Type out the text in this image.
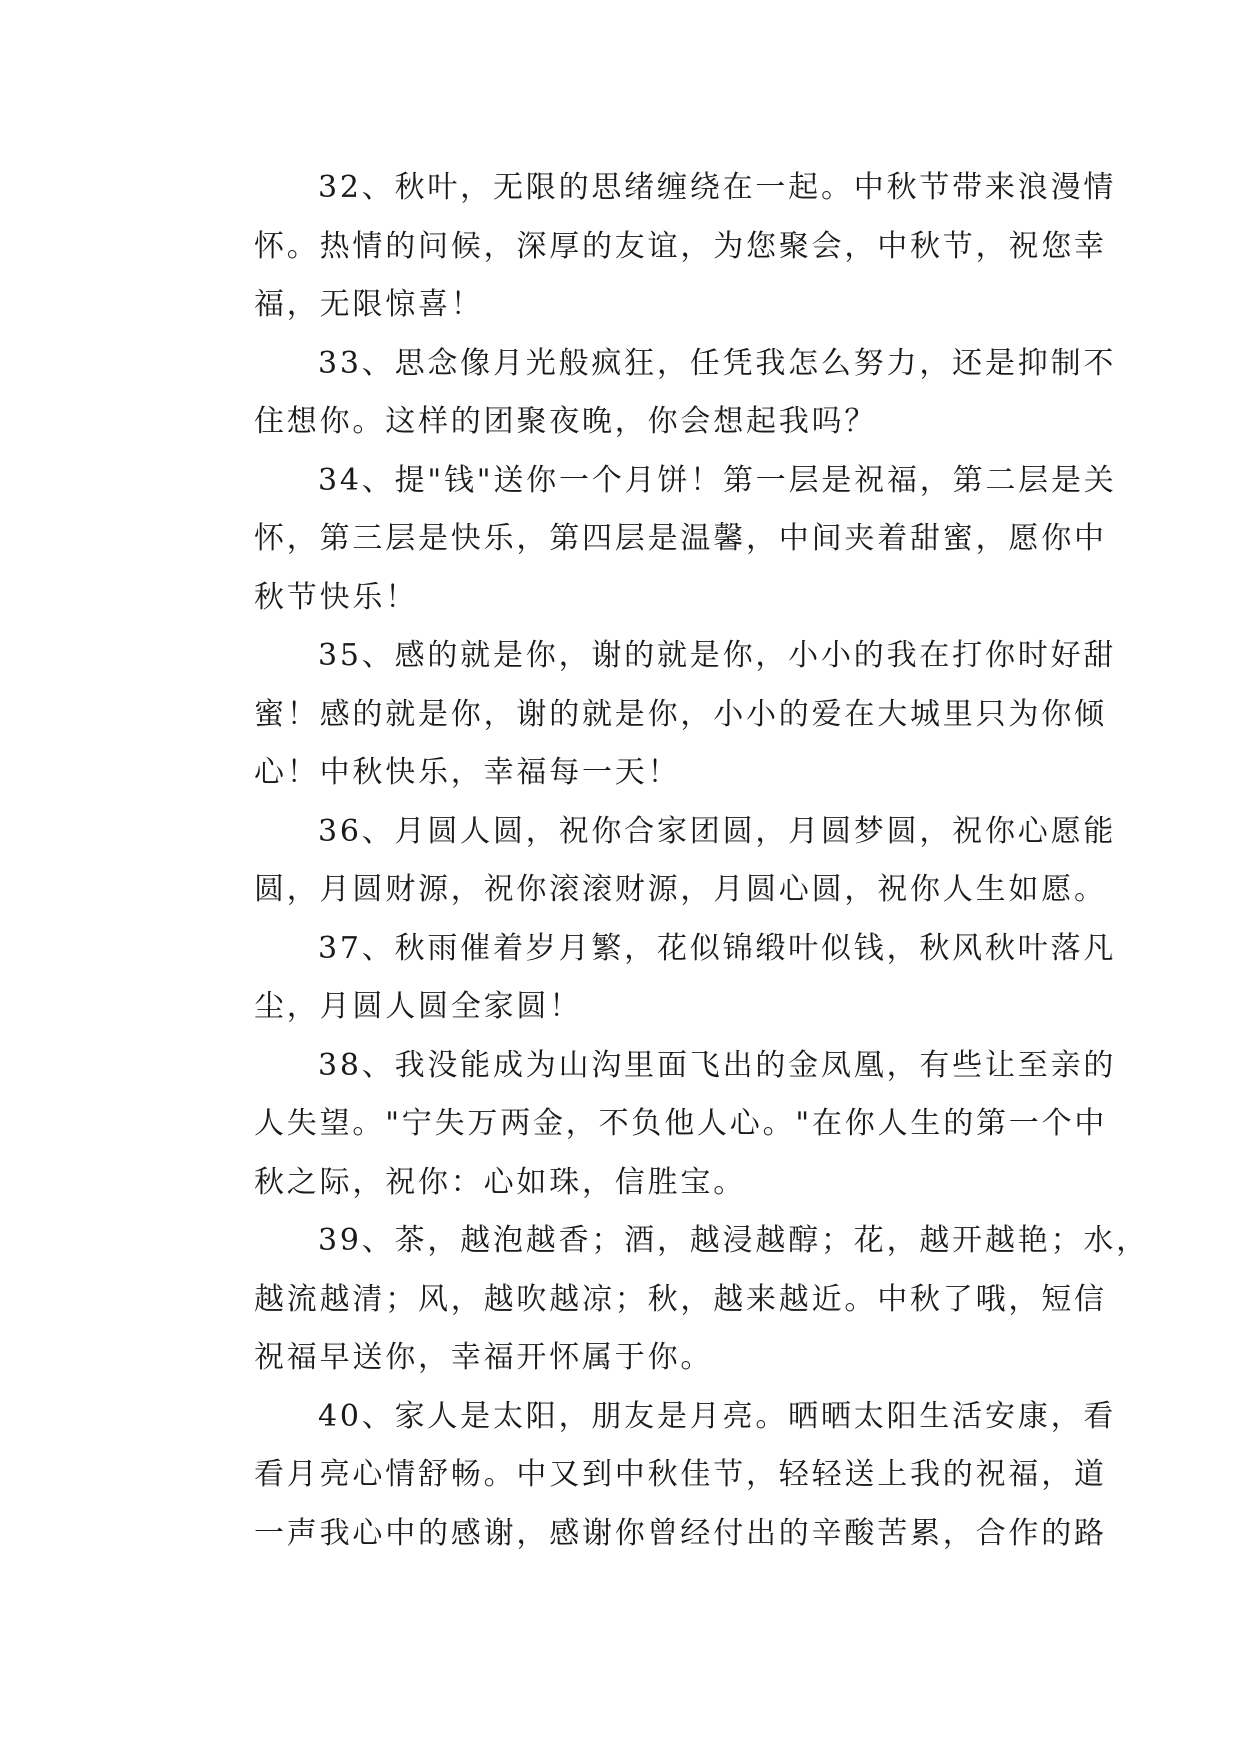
32、秋叶，无限的思绪缠绕在一起。中秋节带来浪漫情
怀。热情的问候，深厚的友谊，为您聚会，中秋节，祝您幸
福，无限惊喜！
33、思念像月光般疯狂，任凭我怎么努力，还是抑制不
住想你。这样的团聚夜晚，你会想起我吗？
34、提"钱"送你一个月饼！第一层是祝福，第二层是关
怀，第三层是快乐，第四层是温馨，中间夹着甜蜜，愿你中
秋节快乐！
35、感的就是你，谢的就是你，小小的我在打你时好甜
蜜！感的就是你，谢的就是你，小小的爱在大城里只为你倾
心！中秋快乐，幸福每一天！
36、月圆人圆，祝你合家团圆，月圆梦圆，祝你心愿能
圆，月圆财源，祝你滚滚财源，月圆心圆，祝你人生如愿。
37、秋雨催着岁月繁，花似锦缎叶似钱，秋风秋叶落凡
尘，月圆人圆全家圆！
38、我没能成为山沟里面飞出的金凤凰，有些让至亲的
人失望。"宁失万两金，不负他人心。"在你人生的第一个中
秋之际，祝你：心如珠，信胜宝。
39、茶，越泡越香；酒，越浸越醇；花，越开越艳；水，
越流越清；风，越吹越凉；秋，越来越近。中秋了哦，短信
祝福早送你，幸福开怀属于你。
40、家人是太阳，朋友是月亮。晒晒太阳生活安康，看
看月亮心情舒畅。中又到中秋佳节，轻轻送上我的祝福，道
一声我心中的感谢，感谢你曾经付出的辛酸苦累，合作的路
